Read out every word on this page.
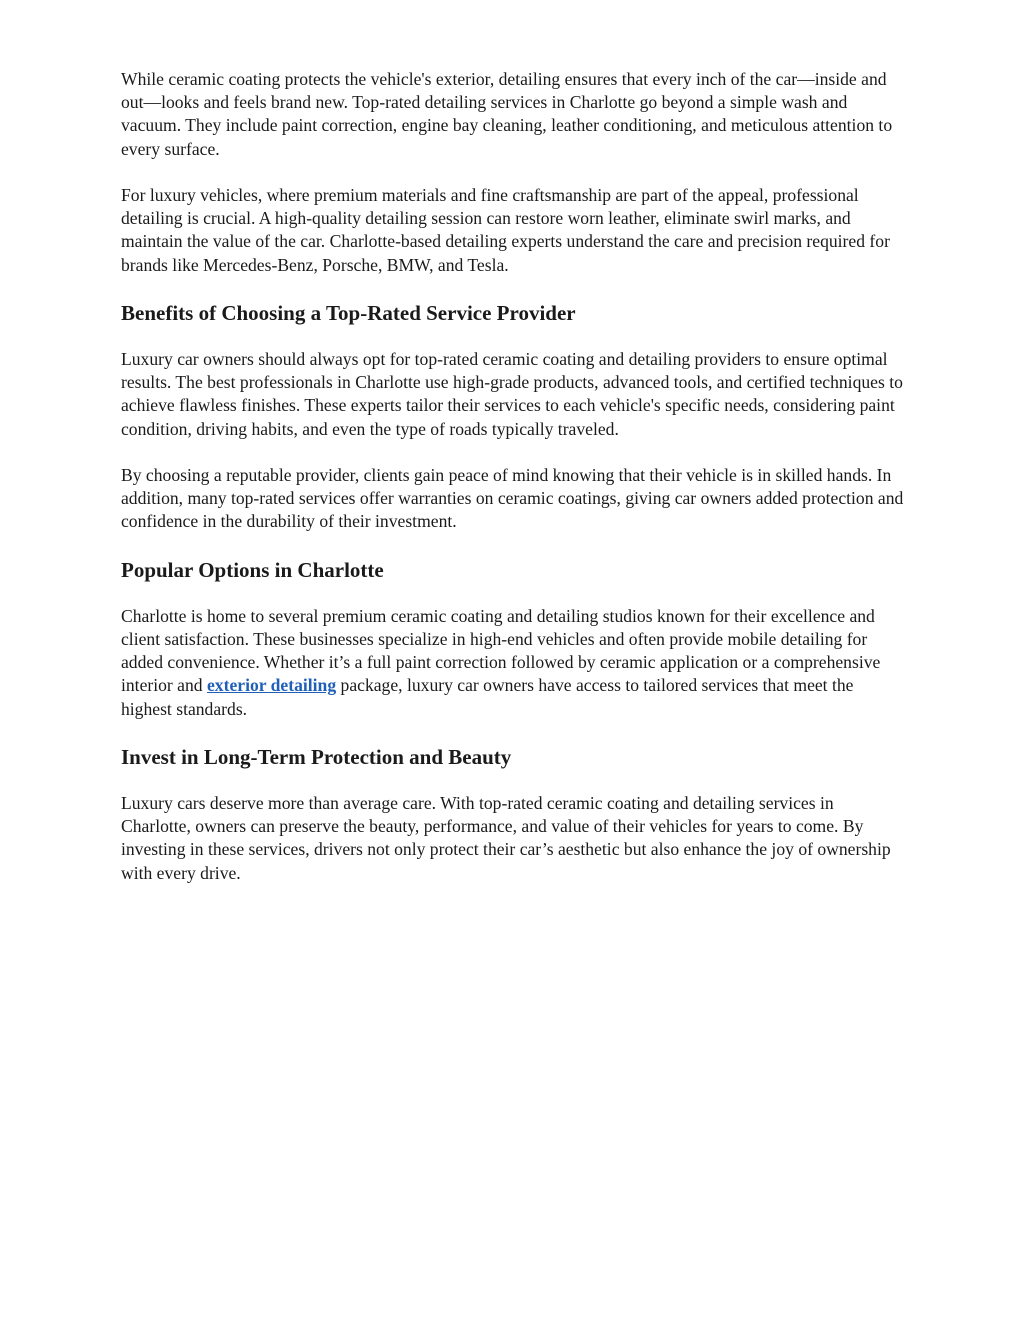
While ceramic coating protects the vehicle's exterior, detailing ensures that every inch of the car—inside and out—looks and feels brand new. Top-rated detailing services in Charlotte go beyond a simple wash and vacuum. They include paint correction, engine bay cleaning, leather conditioning, and meticulous attention to every surface.

For luxury vehicles, where premium materials and fine craftsmanship are part of the appeal, professional detailing is crucial. A high-quality detailing session can restore worn leather, eliminate swirl marks, and maintain the value of the car. Charlotte-based detailing experts understand the care and precision required for brands like Mercedes-Benz, Porsche, BMW, and Tesla.

Benefits of Choosing a Top-Rated Service Provider

Luxury car owners should always opt for top-rated ceramic coating and detailing providers to ensure optimal results. The best professionals in Charlotte use high-grade products, advanced tools, and certified techniques to achieve flawless finishes. These experts tailor their services to each vehicle's specific needs, considering paint condition, driving habits, and even the type of roads typically traveled.

By choosing a reputable provider, clients gain peace of mind knowing that their vehicle is in skilled hands. In addition, many top-rated services offer warranties on ceramic coatings, giving car owners added protection and confidence in the durability of their investment.

Popular Options in Charlotte

Charlotte is home to several premium ceramic coating and detailing studios known for their excellence and client satisfaction. These businesses specialize in high-end vehicles and often provide mobile detailing for added convenience. Whether it’s a full paint correction followed by ceramic application or a comprehensive interior and exterior detailing package, luxury car owners have access to tailored services that meet the highest standards.

Invest in Long-Term Protection and Beauty

Luxury cars deserve more than average care. With top-rated ceramic coating and detailing services in Charlotte, owners can preserve the beauty, performance, and value of their vehicles for years to come. By investing in these services, drivers not only protect their car’s aesthetic but also enhance the joy of ownership with every drive.
